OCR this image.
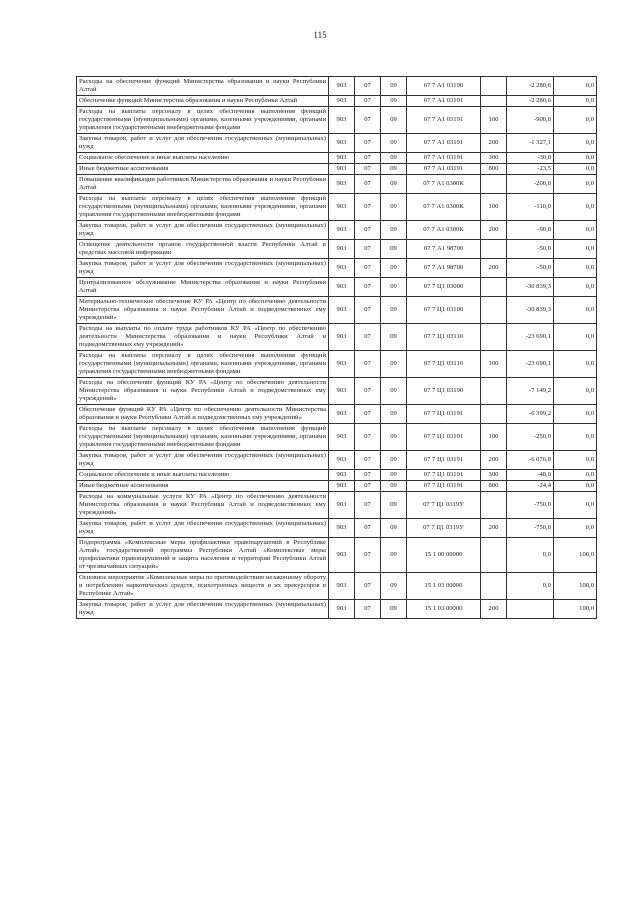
115
Расходы на обеспечение функций Министерства образования и науки Республики Алтай	903	07	09	07 7 А1 03190		-2 280,6	0,0
Обеспечение функций Министерства образования и науки Республики Алтай	903	07	09	07 7 А1 03191		-2 280,6	0,0
Расходы на выплаты персоналу в целях обеспечения выполнения функций государственными (муниципальными) органами, казенными учреждениями, органами управления государственными внебюджетными фондами	903	07	09	07 7 А1 03191	100	-900,0	0,0
Закупка товаров, работ и услуг для обеспечения государственных (муниципальных) нужд	903	07	09	07 7 А1 03191	200	-1 327,1	0,0
Социальное обеспечение и иные выплаты населению	903	07	09	07 7 А1 03191	300	-30,0	0,0
Иные бюджетные ассигнования	903	07	09	07 7 А1 03191	800	-23,5	0,0
Повышение квалификации работников Министерства образования и науки Республики Алтай	903	07	09	07 7 А1 0300К		-200,0	0,0
Расходы на выплаты персоналу в целях обеспечения выполнения функций государственными (муниципальными) органами, казенными учреждениями, органами управления государственными внебюджетными фондами	903	07	09	07 7 А1 0300К	100	-110,0	0,0
Закупка товаров, работ и услуг для обеспечения государственных (муниципальных) нужд	903	07	09	07 7 А1 0300К	200	-90,0	0,0
Освещение деятельности органов государственной власти Республики Алтай в средствах массовой информации	903	07	09	07 7 А1 98700		-50,0	0,0
Закупка товаров, работ и услуг для обеспечения государственных (муниципальных) нужд	903	07	09	07 7 А1 98700	200	-50,0	0,0
Централизованное обслуживание Министерства образования и науки Республики Алтай	903	07	09	07 7 Ц1 03000		-30 839,3	0,0
Материально-техническое обеспечение КУ РА «Центр по обеспечению деятельности Министерства образования и науки Республики Алтай и подведомственных ему учреждений»	903	07	09	07 7 Ц1 03100		-30 839,3	0,0
Расходы на выплаты по оплате труда работников КУ РА «Центр по обеспечению деятельности Министерства образования и науки Республики Алтай и подведомственных ему учреждений»	903	07	09	07 7 Ц1 03110		-23 690,1	0,0
Расходы на выплаты персоналу в целях обеспечения выполнения функций государственными (муниципальными) органами, казенными учреждениями, органами управления государственными внебюджетными фондами	903	07	09	07 7 Ц1 03110	100	-23 690,1	0,0
Расходы на обеспечение функций КУ РА «Центр по обеспечению деятельности Министерства образования и науки Республики Алтай и подведомственных ему учреждений»	903	07	09	07 7 Ц1 03190		-7 149,2	0,0
Обеспечение функций КУ РА «Центр по обеспечению деятельности Министерства образования и науки Республики Алтай и подведомственных ему учреждений»	903	07	09	07 7 Ц1 03191		-6 399,2	0,0
Расходы на выплаты персоналу в целях обеспечения выполнения функций государственными (муниципальными) органами, казенными учреждениями, органами управления государственными внебюджетными фондами	903	07	09	07 7 Ц1 03191	100	-250,0	0,0
Закупка товаров, работ и услуг для обеспечения государственных (муниципальных) нужд	903	07	09	07 7 Ц1 03191	200	-6 076,8	0,0
Социальное обеспечение и иные выплаты населению	903	07	09	07 7 Ц1 03191	300	-48,0	0,0
Иные бюджетные ассигнования	903	07	09	07 7 Ц1 03191	800	-24,4	0,0
Расходы на коммунальные услуги КУ РА «Центр по обеспечению деятельности Министерства образования и науки Республики Алтай и подведомственных ему учреждений»	903	07	09	07 7 Ц1 0319У		-750,0	0,0
Закупка товаров, работ и услуг для обеспечения государственных (муниципальных) нужд	903	07	09	07 7 Ц1 0319У	200	-750,0	0,0
Подпрограмма «Комплексные меры профилактики правонарушений в Республике Алтай» государственной программы Республики Алтай «Комплексные меры профилактики правонарушений и защита населения и территории Республики Алтай от чрезвычайных ситуаций»	903	07	09	15 1 00 00000		0,0	100,0
Основное мероприятие «Комплексные меры по противодействию незаконному обороту и потреблению наркотических средств, психотропных веществ и их прекурсоров в Республике Алтай»	903	07	09	15 1 03 00000		0,0	100,0
Закупка товаров, работ и услуг для обеспечения государственных (муниципальных) нужд	903	07	09	15 1 03 00000	200		100,0
